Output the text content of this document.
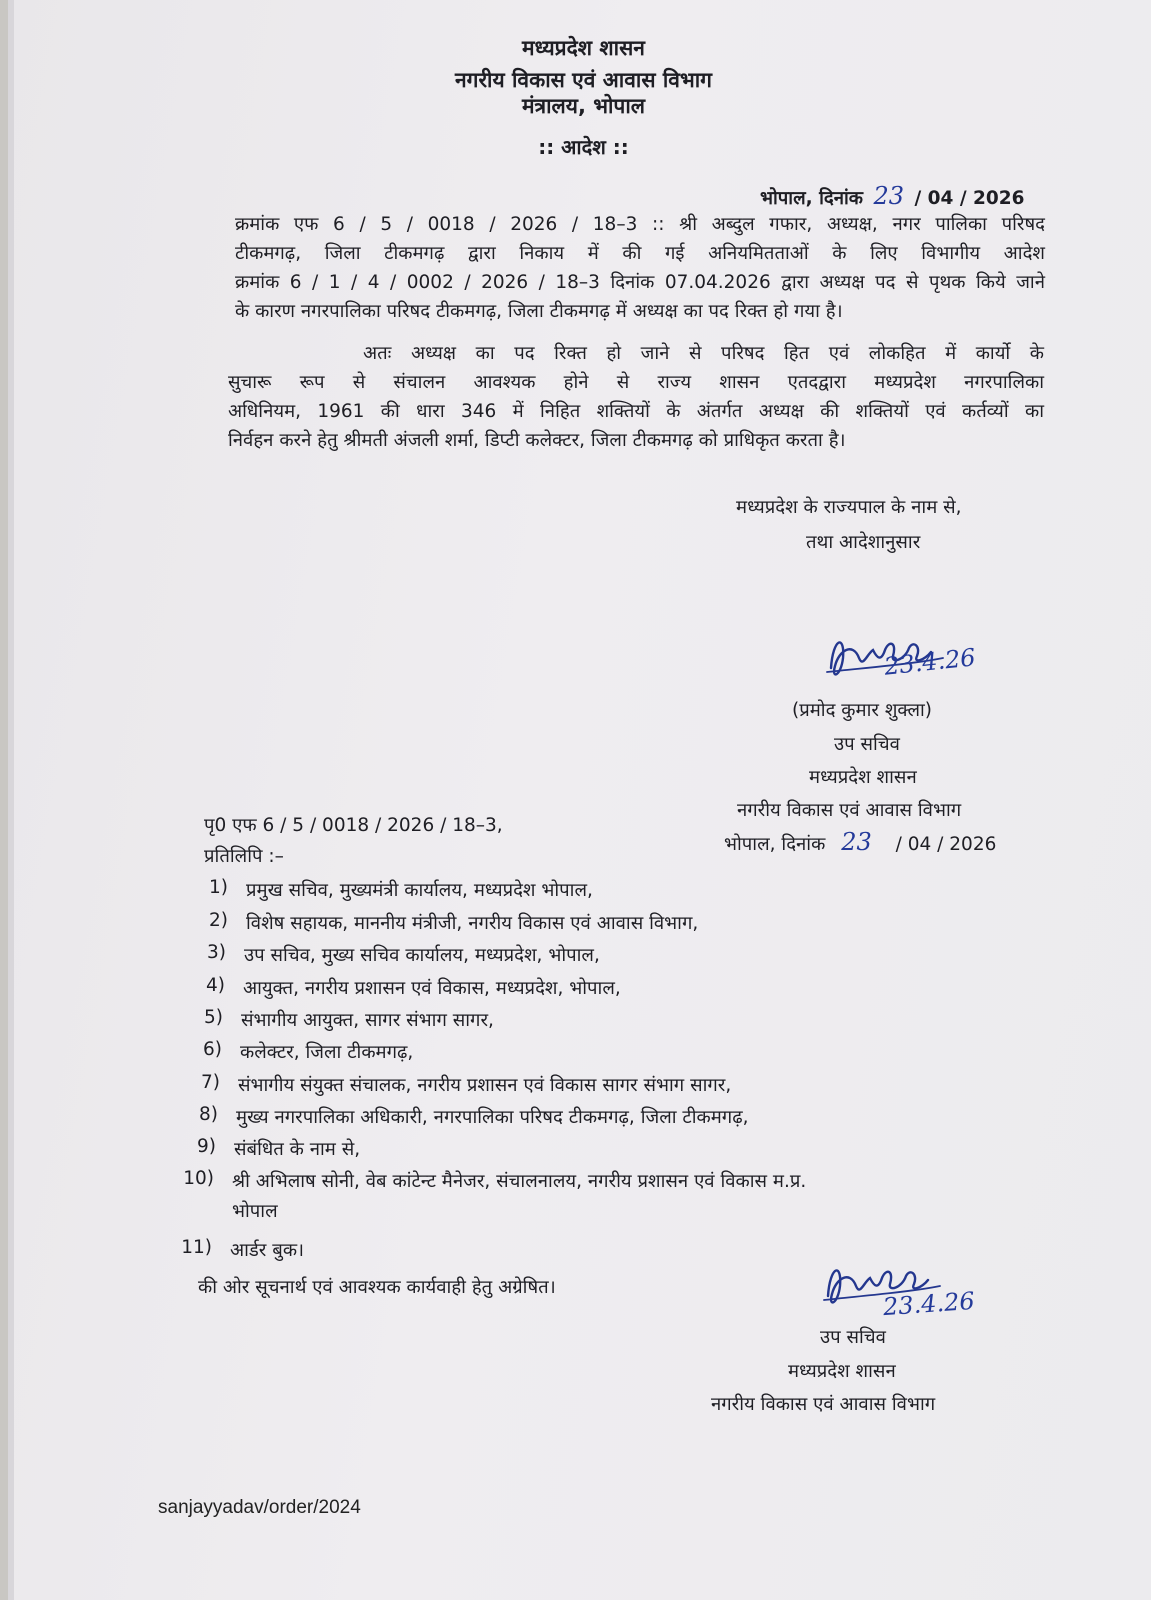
मध्यप्रदेश शासन
नगरीय विकास एवं आवास विभाग
मंत्रालय, भोपाल
:: आदेश ::
भोपाल, दिनांक 23 / 04 / 2026
क्रमांक एफ 6 / 5 / 0018 / 2026 / 18–3 :: श्री अब्दुल गफार, अध्यक्ष, नगर पालिका परिषद
टीकमगढ़, जिला टीकमगढ़ द्वारा निकाय में की गई अनियमितताओं के लिए विभागीय आदेश
क्रमांक 6 / 1 / 4 / 0002 / 2026 / 18–3 दिनांक 07.04.2026 द्वारा अध्यक्ष पद से पृथक किये जाने
के कारण नगरपालिका परिषद टीकमगढ़, जिला टीकमगढ़ में अध्यक्ष का पद रिक्त हो गया है।
अतः अध्यक्ष का पद रिक्त हो जाने से परिषद हित एवं लोकहित में कार्यो के
सुचारू रूप से संचालन आवश्यक होने से राज्य शासन एतदद्वारा मध्यप्रदेश नगरपालिका
अधिनियम, 1961 की धारा 346 में निहित शक्तियों के अंतर्गत अध्यक्ष की शक्तियों एवं कर्तव्यों का
निर्वहन करने हेतु श्रीमती अंजली शर्मा, डिप्टी कलेक्टर, जिला टीकमगढ़ को प्राधिकृत करता है।
मध्यप्रदेश के राज्यपाल के नाम से,
तथा आदेशानुसार
23.4.26
(प्रमोद कुमार शुक्ला)
उप सचिव
मध्यप्रदेश शासन
नगरीय विकास एवं आवास विभाग
भोपाल, दिनांक 23 / 04 / 2026
पृ0 एफ 6 / 5 / 0018 / 2026 / 18–3,
प्रतिलिपि :–
1) प्रमुख सचिव, मुख्यमंत्री कार्यालय, मध्यप्रदेश भोपाल,
2) विशेष सहायक, माननीय मंत्रीजी, नगरीय विकास एवं आवास विभाग,
3) उप सचिव, मुख्य सचिव कार्यालय, मध्यप्रदेश, भोपाल,
4) आयुक्त, नगरीय प्रशासन एवं विकास, मध्यप्रदेश, भोपाल,
5) संभागीय आयुक्त, सागर संभाग सागर,
6) कलेक्टर, जिला टीकमगढ़,
7) संभागीय संयुक्त संचालक, नगरीय प्रशासन एवं विकास सागर संभाग सागर,
8) मुख्य नगरपालिका अधिकारी, नगरपालिका परिषद टीकमगढ़, जिला टीकमगढ़,
9) संबंधित के नाम से,
10) श्री अभिलाष सोनी, वेब कांटेन्ट मैनेजर, संचालनालय, नगरीय प्रशासन एवं विकास म.प्र.
भोपाल
11) आर्डर बुक।
की ओर सूचनार्थ एवं आवश्यक कार्यवाही हेतु अग्रेषित।	23.4.26
उप सचिव
मध्यप्रदेश शासन
नगरीय विकास एवं आवास विभाग
sanjayyadav/order/2024
